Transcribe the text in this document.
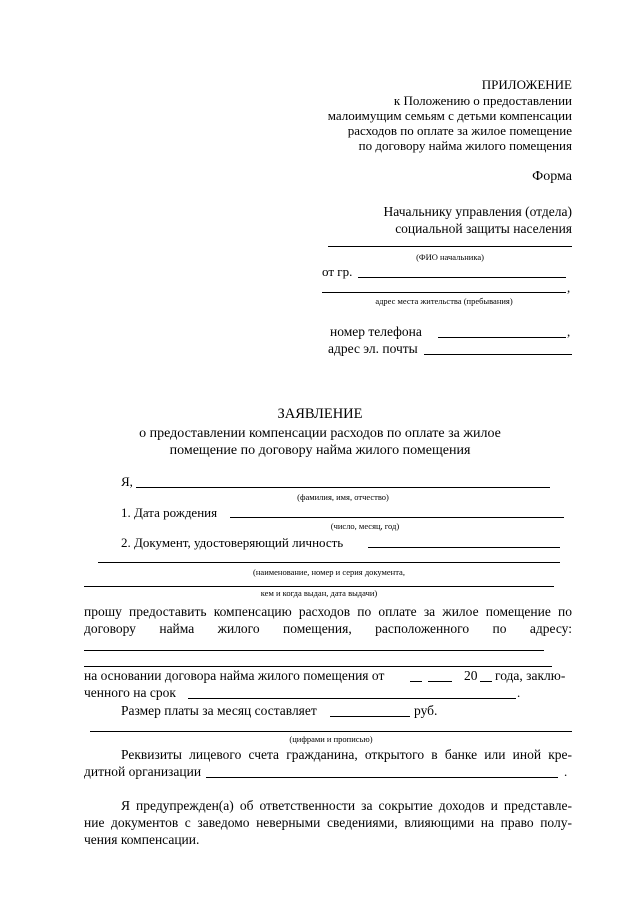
ПРИЛОЖЕНИЕ
к Положению о предоставлении
малоимущим семьям с детьми компенсации
расходов по оплате за жилое помещение
по договору найма жилого помещения
Форма
Начальнику управления (отдела)
социальной защиты населения
(ФИО начальника)
от гр.
,
адрес места жительства (пребывания)
номер телефона	,
адрес эл. почты
ЗАЯВЛЕНИЕ
о предоставлении компенсации расходов по оплате за жилое
помещение по договору найма жилого помещения
Я,
(фамилия, имя, отчество)
1. Дата рождения
(число, месяц, год)
2. Документ, удостоверяющий личность
(наименование, номер и серия документа,
кем и когда выдан, дата выдачи)
прошу предоставить компенсацию расходов по оплате за жилое помещение по
договору найма жилого помещения, расположенного по адресу:
на основании договора найма жилого помещения от	20 года, заклю-
ченного на срок	.
Размер платы за месяц составляет	руб.
(цифрами и прописью)
Реквизиты лицевого счета гражданина, открытого в банке или иной кре-
дитной организации	.
Я предупрежден(а) об ответственности за сокрытие доходов и представле-
ние документов с заведомо неверными сведениями, влияющими на право полу-
чения компенсации.
